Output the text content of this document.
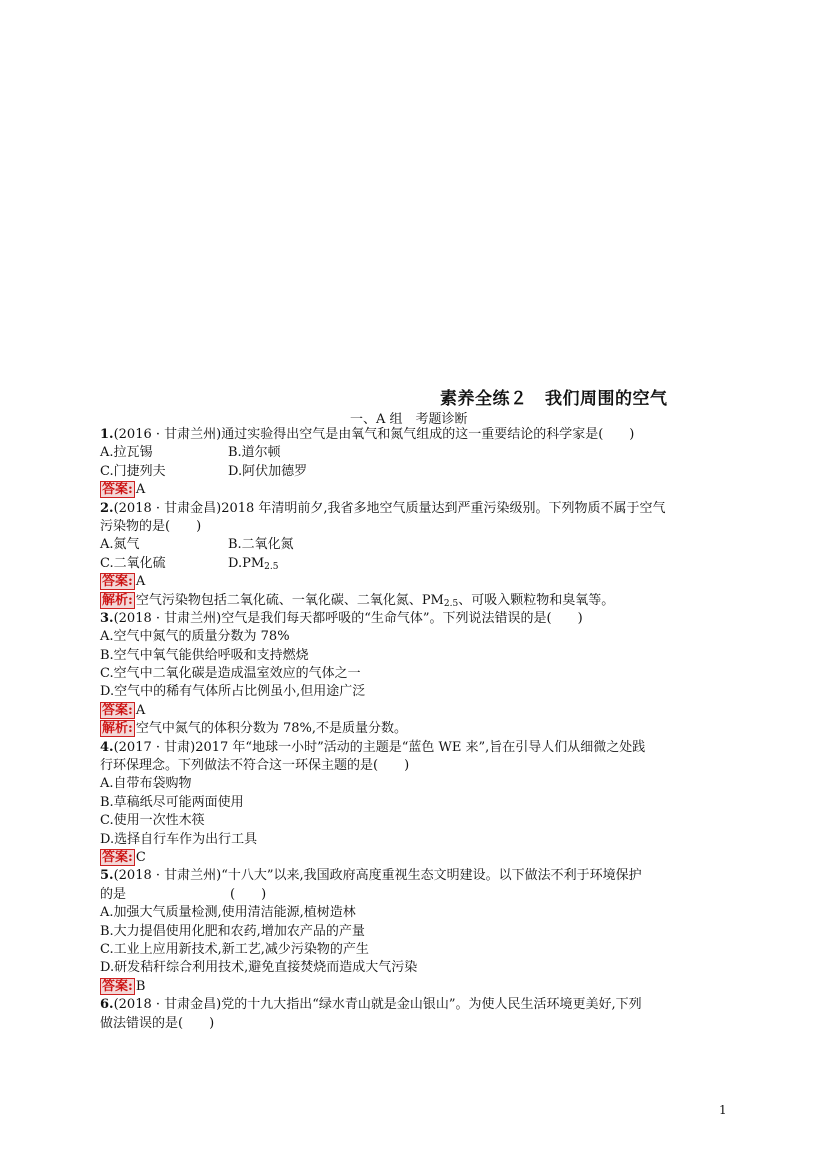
素养全练２　我们周围的空气
一、A 组　考题诊断
1.(2016 · 甘肃兰州)通过实验得出空气是由氧气和氮气组成的这一重要结论的科学家是(　　)
A.拉瓦锡	B.道尔顿
C.门捷列夫	D.阿伏加德罗
答案: A
2.(2018 · 甘肃金昌)2018 年清明前夕,我省多地空气质量达到严重污染级别。下列物质不属于空气
污染物的是(　　)
A.氮气	B.二氧化氮
C.二氧化硫	$D.PM_{2.5}$
答案: A
解析: 空气污染物包括二氧化硫、一氧化碳、二氧化氮、$PM_{2.5}$、可吸入颗粒物和臭氧等。
3.(2018 · 甘肃兰州)空气是我们每天都呼吸的“生命气体”。下列说法错误的是(　　)
A.空气中氮气的质量分数为 78%
B.空气中氧气能供给呼吸和支持燃烧
C.空气中二氧化碳是造成温室效应的气体之一
D.空气中的稀有气体所占比例虽小,但用途广泛
答案: A
解析: 空气中氮气的体积分数为 78%,不是质量分数。
4.(2017 · 甘肃)2017 年“地球一小时”活动的主题是“蓝色 WE 来”,旨在引导人们从细微之处践
行环保理念。下列做法不符合这一环保主题的是(　　)
A.自带布袋购物
B.草稿纸尽可能两面使用
C.使用一次性木筷
D.选择自行车作为出行工具
答案: C
5.(2018 · 甘肃兰州)“十八大”以来,我国政府高度重视生态文明建设。以下做法不利于环境保护
的是　　　　　　　　(　　)
A.加强大气质量检测,使用清洁能源,植树造林
B.大力提倡使用化肥和农药,增加农产品的产量
C.工业上应用新技术,新工艺,减少污染物的产生
D.研发秸秆综合利用技术,避免直接焚烧而造成大气污染
答案: B
6.(2018 · 甘肃金昌)党的十九大指出“绿水青山就是金山银山”。为使人民生活环境更美好,下列
做法错误的是(　　)
1
